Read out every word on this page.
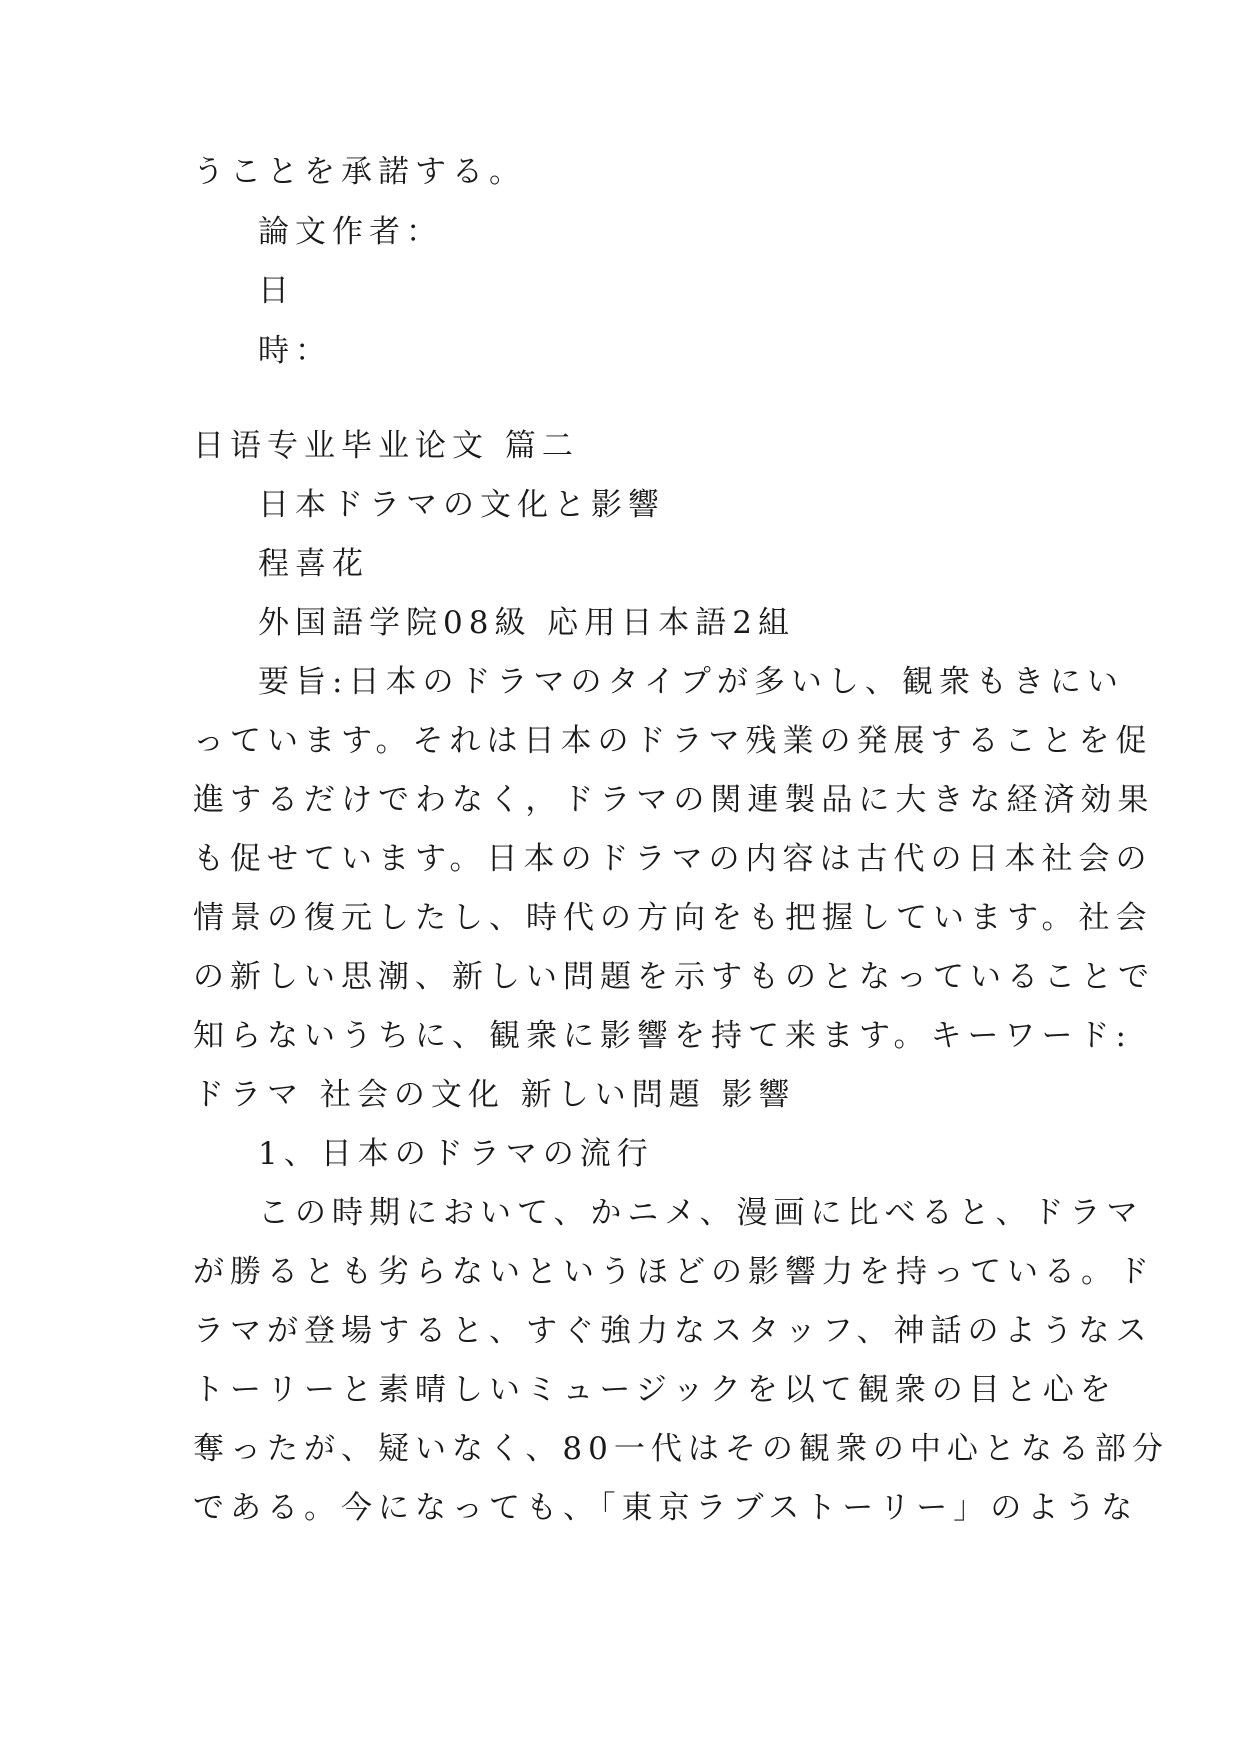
うことを承諾する。
論文作者：
日
時：
日语专业毕业论文 篇二
日本ドラマの文化と影響
程喜花
外国語学院08級 応用日本語2組
要旨:日本のドラマのタイプが多いし、観衆もきにい
っています。それは日本のドラマ残業の発展することを促
進するだけでわなく，ドラマの関連製品に大きな経済効果
も促せています。日本のドラマの内容は古代の日本社会の
情景の復元したし、時代の方向をも把握しています。社会
の新しい思潮、新しい問題を示すものとなっていることで
知らないうちに、観衆に影響を持て来ます。キーワード:
ドラマ 社会の文化 新しい問題 影響
1、日本のドラマの流行
この時期において、かニメ、漫画に比べると、ドラマ
が勝るとも劣らないというほどの影響力を持っている。ド
ラマが登場すると、すぐ強力なスタッフ、神話のようなス
トーリーと素晴しいミュージックを以て観衆の目と心を
奪ったが、疑いなく、80一代はその観衆の中心となる部分
である。今になっても、「東京ラブストーリー」のような
